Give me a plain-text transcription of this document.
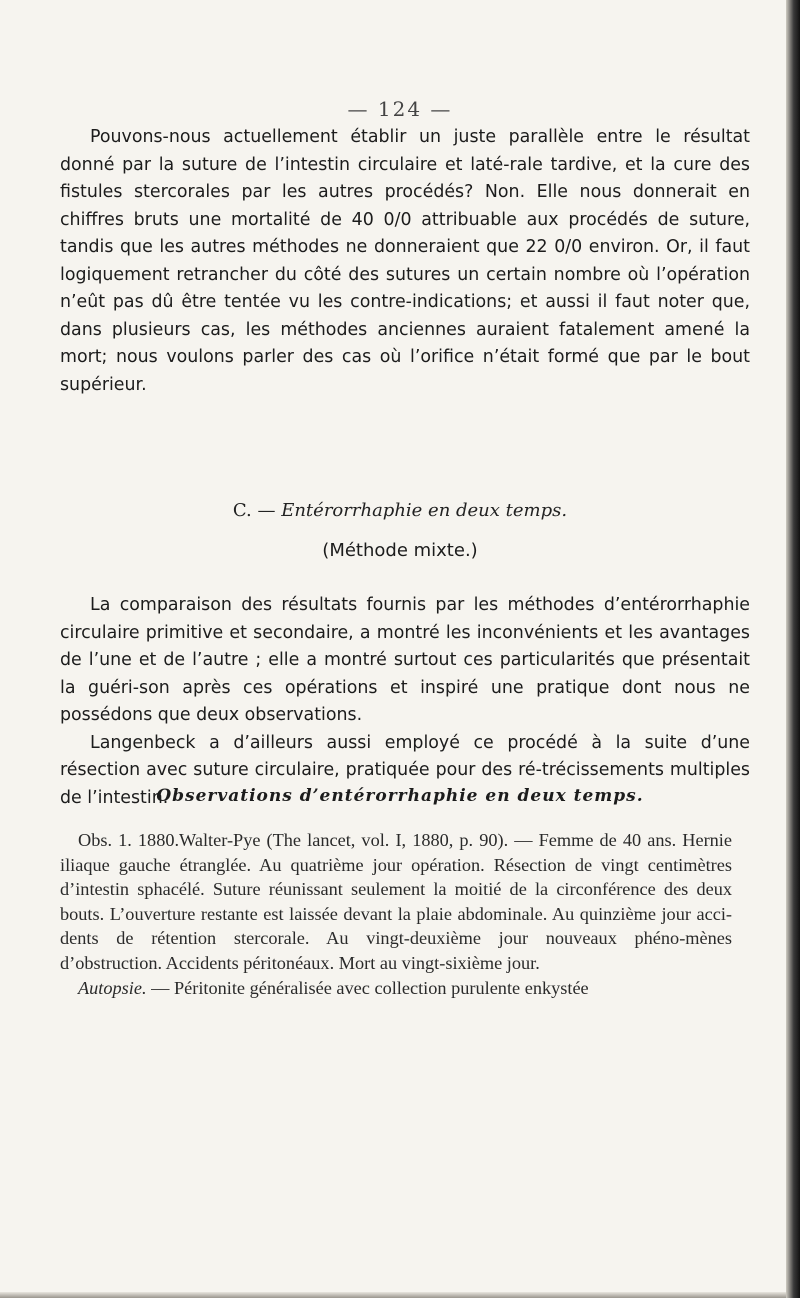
— 124 —

Pouvons-nous actuellement établir un juste parallèle entre le résultat donné par la suture de l’intestin circulaire et laté-rale tardive, et la cure des fistules stercorales par les autres procédés? Non. Elle nous donnerait en chiffres bruts une mortalité de 40 0/0 attribuable aux procédés de suture, tandis que les autres méthodes ne donneraient que 22 0/0 environ. Or, il faut logiquement retrancher du côté des sutures un certain nombre où l’opération n’eût pas dû être tentée vu les contre-indications; et aussi il faut noter que, dans plusieurs cas, les méthodes anciennes auraient fatalement amené la mort; nous voulons parler des cas où l’orifice n’était formé que par le bout supérieur.

C. — Entérorrhaphie en deux temps.
(Méthode mixte.)

La comparaison des résultats fournis par les méthodes d’entérorrhaphie circulaire primitive et secondaire, a montré les inconvénients et les avantages de l’une et de l’autre ; elle a montré surtout ces particularités que présentait la guéri-son après ces opérations et inspiré une pratique dont nous ne possédons que deux observations.

Langenbeck a d’ailleurs aussi employé ce procédé à la suite d’une résection avec suture circulaire, pratiquée pour des ré-trécissements multiples de l’intestin.

Observations d’entérorrhaphie en deux temps.

Obs. 1. 1880.Walter-Pye (The lancet, vol. I, 1880, p. 90). — Femme de 40 ans. Hernie iliaque gauche étranglée. Au quatrième jour opération. Résection de vingt centimètres d’intestin sphacélé. Suture réunissant seulement la moitié de la circonférence des deux bouts. L’ouverture restante est laissée devant la plaie abdominale. Au quinzième jour acci-dents de rétention stercorale. Au vingt-deuxième jour nouveaux phéno-mènes d’obstruction. Accidents péritonéaux. Mort au vingt-sixième jour.

Autopsie. — Péritonite généralisée avec collection purulente enkystée
